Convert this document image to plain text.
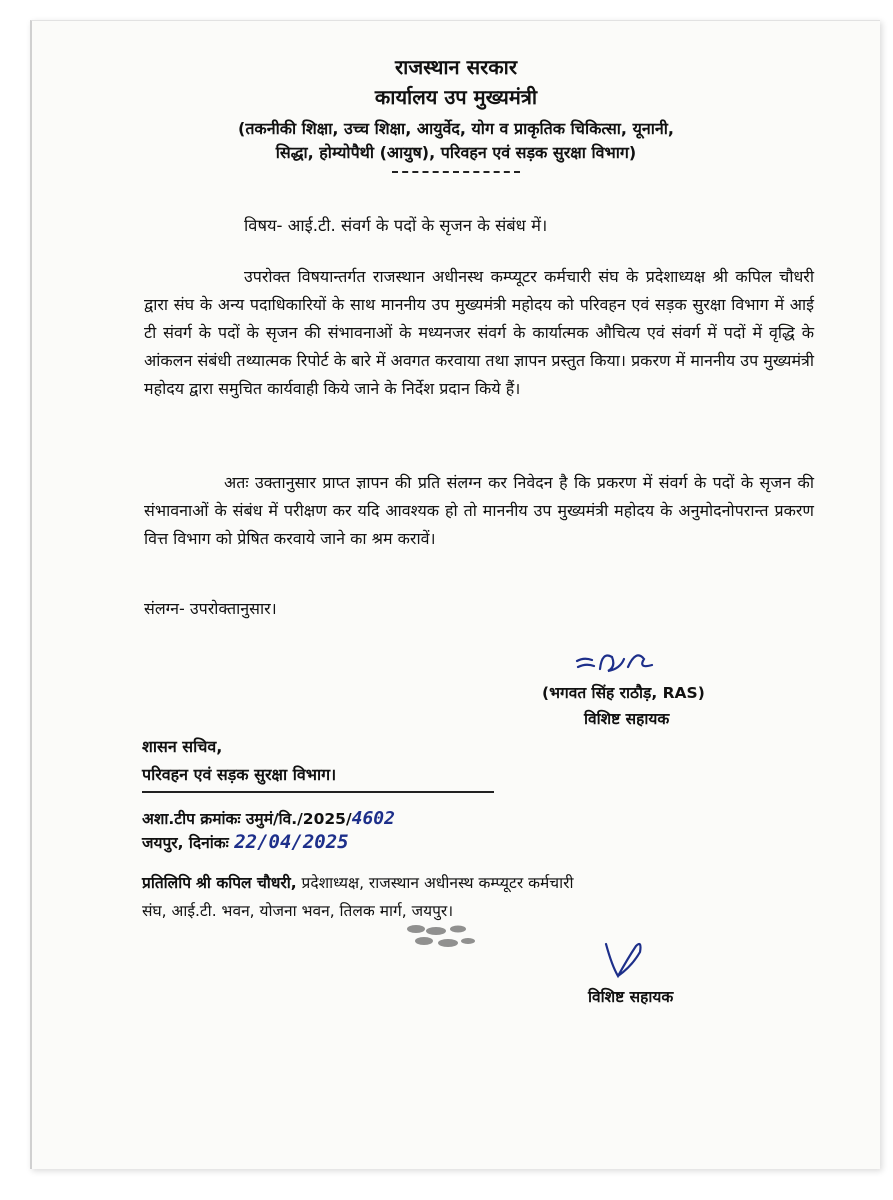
राजस्थान सरकार
कार्यालय उप मुख्यमंत्री
(तकनीकी शिक्षा, उच्च शिक्षा, आयुर्वेद, योग व प्राकृतिक चिकित्सा, यूनानी,
सिद्धा, होम्योपैथी (आयुष), परिवहन एवं सड़क सुरक्षा विभाग)
विषय- आई.टी. संवर्ग के पदों के सृजन के संबंध में।
उपरोक्त विषयान्तर्गत राजस्थान अधीनस्थ कम्प्यूटर कर्मचारी संघ के प्रदेशाध्यक्ष श्री कपिल चौधरी द्वारा संघ के अन्य पदाधिकारियों के साथ माननीय उप मुख्यमंत्री महोदय को परिवहन एवं सड़क सुरक्षा विभाग में आई टी संवर्ग के पदों के सृजन की संभावनाओं के मध्यनजर संवर्ग के कार्यात्मक औचित्य एवं संवर्ग में पदों में वृद्धि के आंकलन संबंधी तथ्यात्मक रिपोर्ट के बारे में अवगत करवाया तथा ज्ञापन प्रस्तुत किया। प्रकरण में माननीय उप मुख्यमंत्री महोदय द्वारा समुचित कार्यवाही किये जाने के निर्देश प्रदान किये हैं।
अतः उक्तानुसार प्राप्त ज्ञापन की प्रति संलग्न कर निवेदन है कि प्रकरण में संवर्ग के पदों के सृजन की संभावनाओं के संबंध में परीक्षण कर यदि आवश्यक हो तो माननीय उप मुख्यमंत्री महोदय के अनुमोदनोपरान्त प्रकरण वित्त विभाग को प्रेषित करवाये जाने का श्रम करावें।
संलग्न- उपरोक्तानुसार।
(भगवत सिंह राठौड़, RAS)
विशिष्ट सहायक
शासन सचिव,
परिवहन एवं सड़क सुरक्षा विभाग।
अशा.टीप क्रमांकः उमुमं/वि./2025/4602
जयपुर, दिनांकः 22/04/2025
प्रतिलिपि श्री कपिल चौधरी, प्रदेशाध्यक्ष, राजस्थान अधीनस्थ कम्प्यूटर कर्मचारी
संघ, आई.टी. भवन, योजना भवन, तिलक मार्ग, जयपुर।
विशिष्ट सहायक
